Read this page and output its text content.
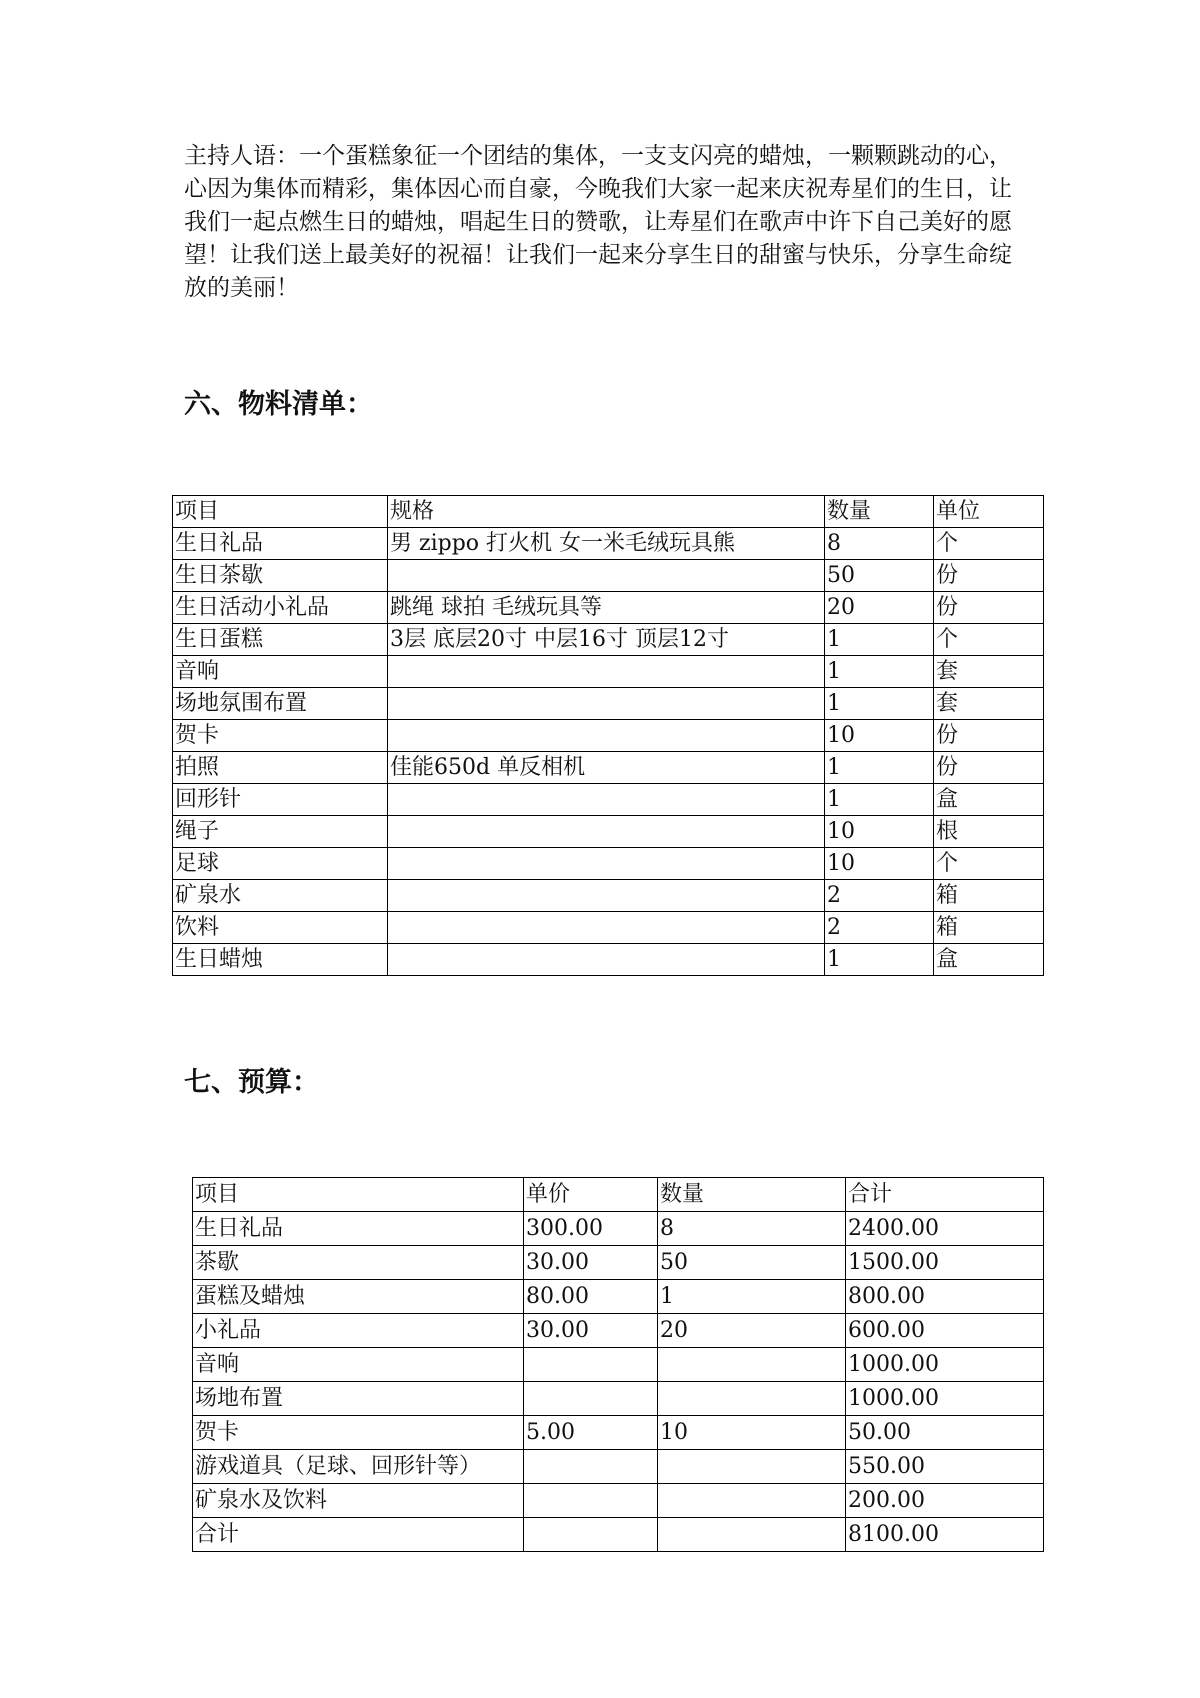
主持人语：一个蛋糕象征一个团结的集体，一支支闪亮的蜡烛，一颗颗跳动的心，心因为集体而精彩，集体因心而自豪，今晚我们大家一起来庆祝寿星们的生日，让我们一起点燃生日的蜡烛，唱起生日的赞歌，让寿星们在歌声中许下自己美好的愿望！让我们送上最美好的祝福！让我们一起来分享生日的甜蜜与快乐，分享生命绽放的美丽！

六、物料清单：
项目	规格	数量	单位
生日礼品	男 zippo 打火机 女一米毛绒玩具熊	8	个
生日茶歇		50	份
生日活动小礼品	跳绳 球拍 毛绒玩具等	20	份
生日蛋糕	3层 底层20寸 中层16寸 顶层12寸	1	个
音响		1	套
场地氛围布置		1	套
贺卡		10	份
拍照	佳能650d 单反相机	1	份
回形针		1	盒
绳子		10	根
足球		10	个
矿泉水		2	箱
饮料		2	箱
生日蜡烛		1	盒
七、预算：
项目	单价	数量	合计
生日礼品	300.00	8	2400.00
茶歇	30.00	50	1500.00
蛋糕及蜡烛	80.00	1	800.00
小礼品	30.00	20	600.00
音响			1000.00
场地布置			1000.00
贺卡	5.00	10	50.00
游戏道具（足球、回形针等）			550.00
矿泉水及饮料			200.00
合计			8100.00
